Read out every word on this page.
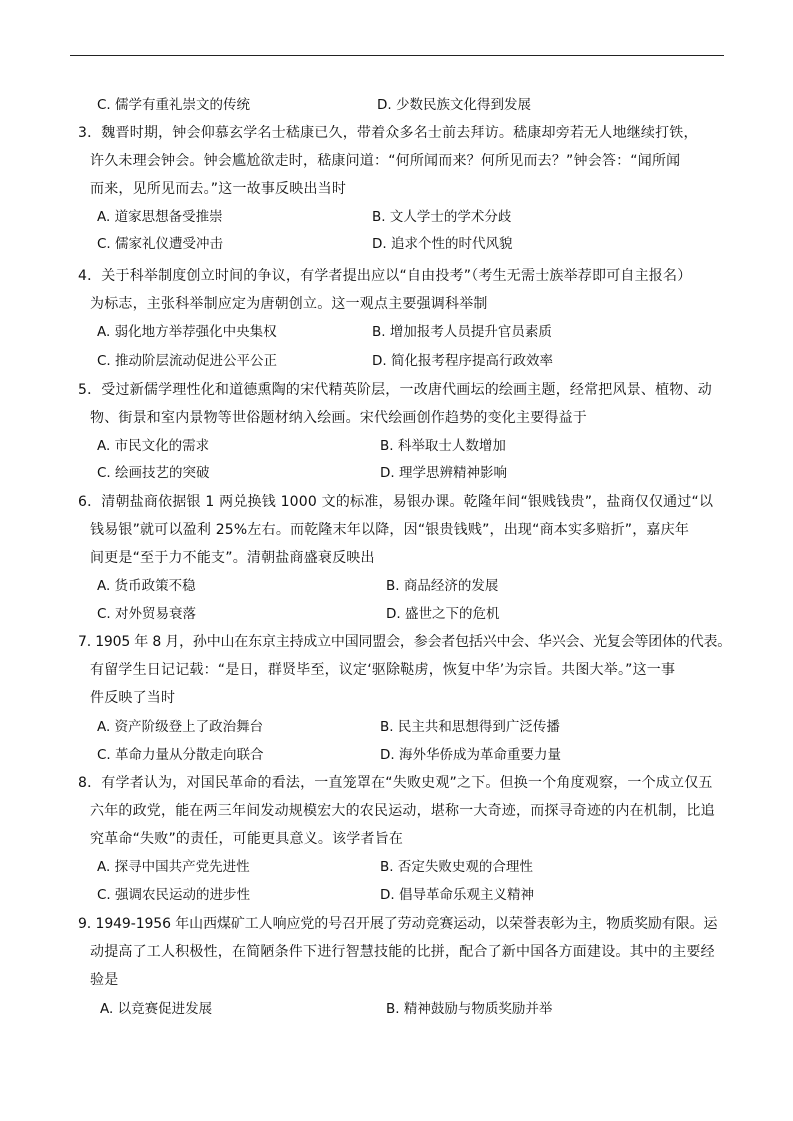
C. 儒学有重礼崇文的传统	D. 少数民族文化得到发展
3．魏晋时期，钟会仰慕玄学名士嵇康已久，带着众多名士前去拜访。嵇康却旁若无人地继续打铁，
许久未理会钟会。钟会尴尬欲走时，嵇康问道：“何所闻而来？何所见而去？”钟会答：“闻所闻
而来，见所见而去。”这一故事反映出当时
A. 道家思想备受推崇	B. 文人学士的学术分歧
C. 儒家礼仪遭受冲击	D. 追求个性的时代风貌
4．关于科举制度创立时间的争议，有学者提出应以“自由投考”（考生无需士族举荐即可自主报名）
为标志，主张科举制应定为唐朝创立。这一观点主要强调科举制
A. 弱化地方举荐强化中央集权	B. 增加报考人员提升官员素质
C. 推动阶层流动促进公平公正	D. 简化报考程序提高行政效率
5．受过新儒学理性化和道德熏陶的宋代精英阶层，一改唐代画坛的绘画主题，经常把风景、植物、动
物、街景和室内景物等世俗题材纳入绘画。宋代绘画创作趋势的变化主要得益于
A. 市民文化的需求	B. 科举取士人数增加
C. 绘画技艺的突破	D. 理学思辨精神影响
6．清朝盐商依据银 1 两兑换钱 1000 文的标准，易银办课。乾隆年间“银贱钱贵”，盐商仅仅通过“以
钱易银”就可以盈利 25%左右。而乾隆末年以降，因“银贵钱贱”，出现“商本实多赔折”，嘉庆年
间更是“至于力不能支”。清朝盐商盛衰反映出
A. 货币政策不稳	B. 商品经济的发展
C. 对外贸易衰落	D. 盛世之下的危机
7. 1905 年 8 月，孙中山在东京主持成立中国同盟会，参会者包括兴中会、华兴会、光复会等团体的代表。
有留学生日记记载：“是日，群贤毕至，议定‘驱除鞑虏，恢复中华’为宗旨。共图大举。”这一事
件反映了当时
A. 资产阶级登上了政治舞台	B. 民主共和思想得到广泛传播
C. 革命力量从分散走向联合	D. 海外华侨成为革命重要力量
8．有学者认为，对国民革命的看法，一直笼罩在“失败史观”之下。但换一个角度观察，一个成立仅五
六年的政党，能在两三年间发动规模宏大的农民运动，堪称一大奇迹，而探寻奇迹的内在机制，比追
究革命“失败”的责任，可能更具意义。该学者旨在
A. 探寻中国共产党先进性	B. 否定失败史观的合理性
C. 强调农民运动的进步性	D. 倡导革命乐观主义精神
9. 1949-1956 年山西煤矿工人响应党的号召开展了劳动竞赛运动，以荣誉表彰为主，物质奖励有限。运
动提高了工人积极性，在简陋条件下进行智慧技能的比拼，配合了新中国各方面建设。其中的主要经
验是
A. 以竞赛促进发展	B. 精神鼓励与物质奖励并举
